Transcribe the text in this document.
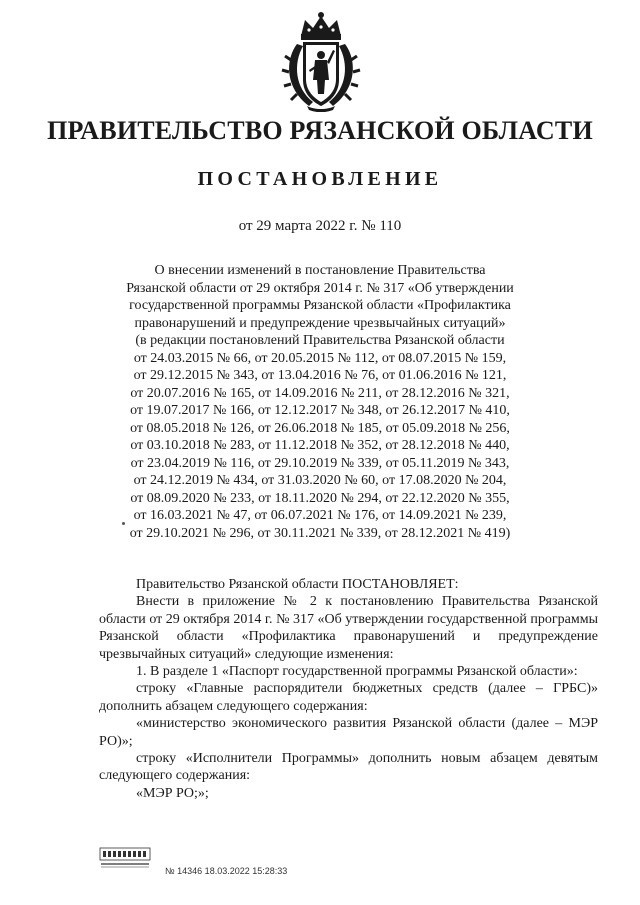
ПРАВИТЕЛЬСТВО РЯЗАНСКОЙ ОБЛАСТИ
ПОСТАНОВЛЕНИЕ
от 29 марта 2022 г. № 110
О внесении изменений в постановление Правительства
Рязанской области от 29 октября 2014 г. № 317 «Об утверждении
государственной программы Рязанской области «Профилактика
правонарушений и предупреждение чрезвычайных ситуаций»
(в редакции постановлений Правительства Рязанской области
от 24.03.2015 № 66, от 20.05.2015 № 112, от 08.07.2015 № 159,
от 29.12.2015 № 343, от 13.04.2016 № 76, от 01.06.2016 № 121,
от 20.07.2016 № 165, от 14.09.2016 № 211, от 28.12.2016 № 321,
от 19.07.2017 № 166, от 12.12.2017 № 348, от 26.12.2017 № 410,
от 08.05.2018 № 126, от 26.06.2018 № 185, от 05.09.2018 № 256,
от 03.10.2018 № 283, от 11.12.2018 № 352, от 28.12.2018 № 440,
от 23.04.2019 № 116, от 29.10.2019 № 339, от 05.11.2019 № 343,
от 24.12.2019 № 434, от 31.03.2020 № 60, от 17.08.2020 № 204,
от 08.09.2020 № 233, от 18.11.2020 № 294, от 22.12.2020 № 355,
от 16.03.2021 № 47, от 06.07.2021 № 176, от 14.09.2021 № 239,
от 29.10.2021 № 296, от 30.11.2021 № 339, от 28.12.2021 № 419)
Правительство Рязанской области ПОСТАНОВЛЯЕТ:
Внести в приложение № 2 к постановлению Правительства Рязанской области от 29 октября 2014 г. № 317 «Об утверждении государственной программы Рязанской области «Профилактика правонарушений и предупреждение чрезвычайных ситуаций» следующие изменения:
1. В разделе 1 «Паспорт государственной программы Рязанской области»:
строку «Главные распорядители бюджетных средств (далее – ГРБС)» дополнить абзацем следующего содержания:
«министерство экономического развития Рязанской области (далее – МЭР РО)»;
строку «Исполнители Программы» дополнить новым абзацем девятым следующего содержания:
«МЭР РО;»;
№ 14346 18.03.2022 15:28:33
